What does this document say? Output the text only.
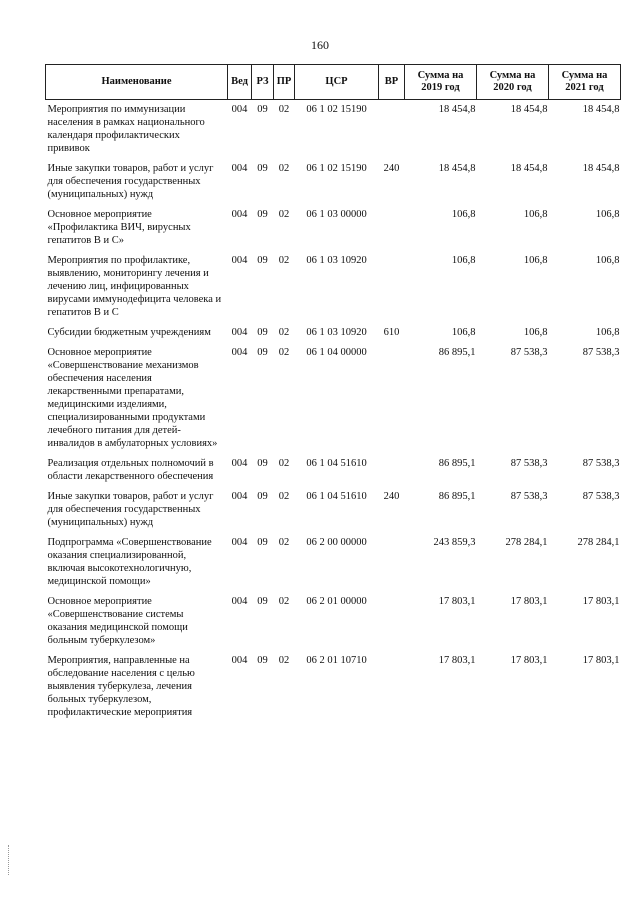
160
Наименование	Вед	РЗ	ПР	ЦСР	ВР	Сумма на 2019 год	Сумма на 2020 год	Сумма на 2021 год
Мероприятия по иммунизации населения в рамках национального календаря профилактических прививок	004	09	02	06 1 02 15190		18 454,8	18 454,8	18 454,8
Иные закупки товаров, работ и услуг для обеспечения государственных (муниципальных) нужд	004	09	02	06 1 02 15190	240	18 454,8	18 454,8	18 454,8
Основное мероприятие «Профилактика ВИЧ, вирусных гепатитов В и С»	004	09	02	06 1 03 00000		106,8	106,8	106,8
Мероприятия по профилактике, выявлению, мониторингу лечения и лечению лиц, инфицированных вирусами иммунодефицита человека и гепатитов В и С	004	09	02	06 1 03 10920		106,8	106,8	106,8
Субсидии бюджетным учреждениям	004	09	02	06 1 03 10920	610	106,8	106,8	106,8
Основное мероприятие «Совершенствование механизмов обеспечения населения лекарственными препаратами, медицинскими изделиями, специализированными продуктами лечебного питания для детей-инвалидов в амбулаторных условиях»	004	09	02	06 1 04 00000		86 895,1	87 538,3	87 538,3
Реализация отдельных полномочий в области лекарственного обеспечения	004	09	02	06 1 04 51610		86 895,1	87 538,3	87 538,3
Иные закупки товаров, работ и услуг для обеспечения государственных (муниципальных) нужд	004	09	02	06 1 04 51610	240	86 895,1	87 538,3	87 538,3
Подпрограмма «Совершенствование оказания специализированной, включая высокотехнологичную, медицинской помощи»	004	09	02	06 2 00 00000		243 859,3	278 284,1	278 284,1
Основное мероприятие «Совершенствование системы оказания медицинской помощи больным туберкулезом»	004	09	02	06 2 01 00000		17 803,1	17 803,1	17 803,1
Мероприятия, направленные на обследование населения с целью выявления туберкулеза, лечения больных туберкулезом, профилактические мероприятия	004	09	02	06 2 01 10710		17 803,1	17 803,1	17 803,1
